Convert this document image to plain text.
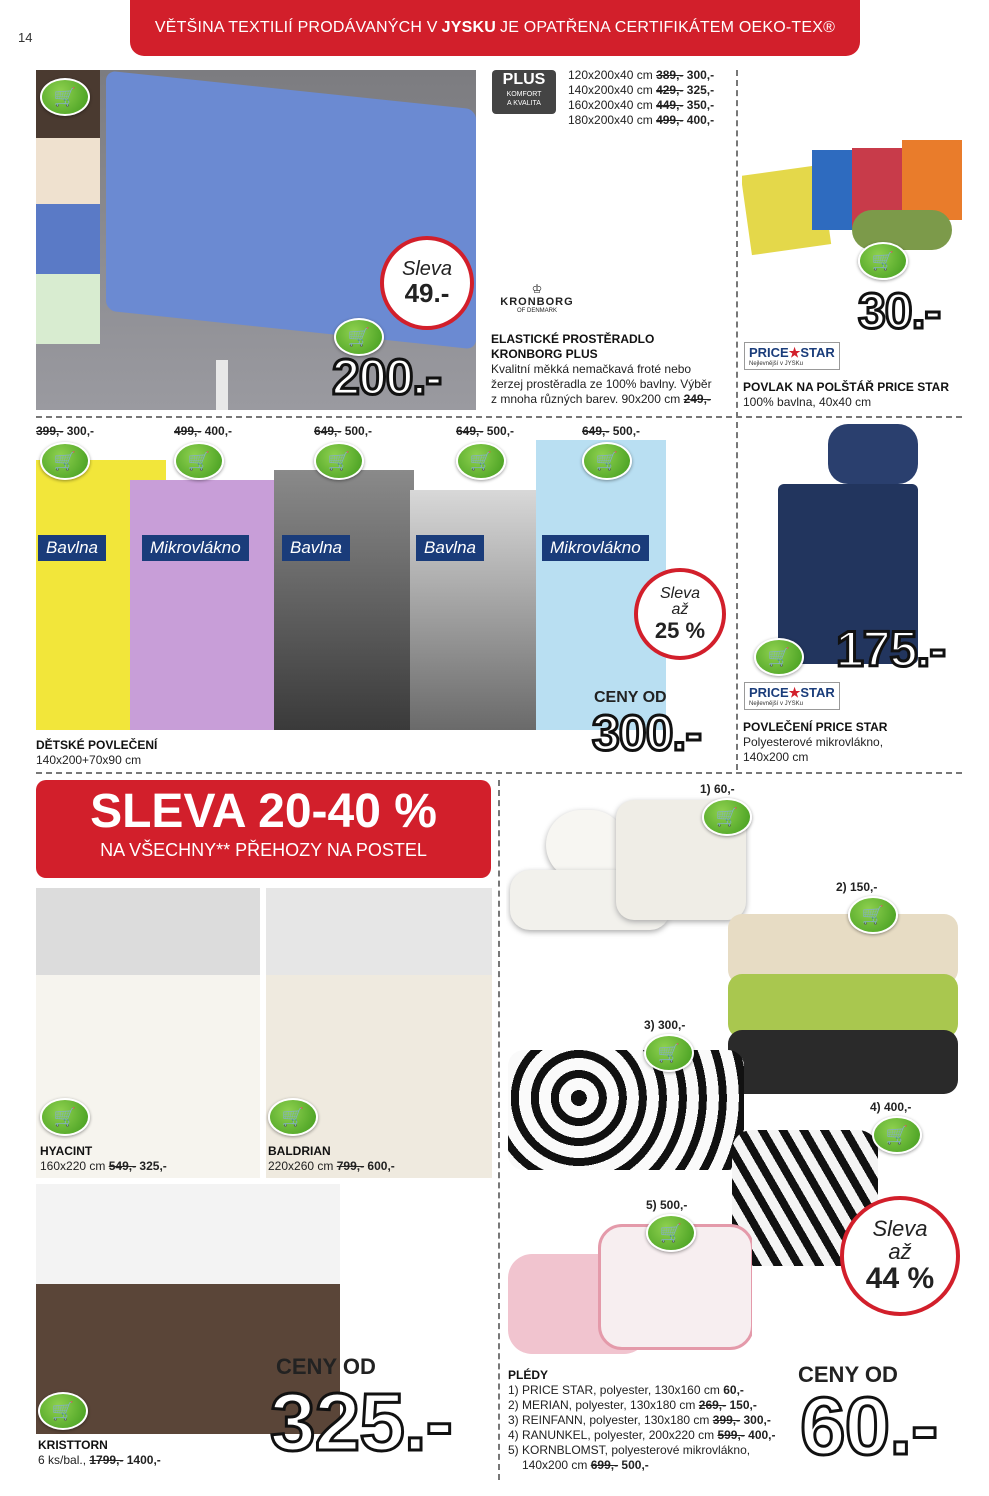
14
VĚTŠINA TEXTILIÍ PRODÁVANÝCH V JYSKU JE OPATŘENA CERTIFIKÁTEM OEKO-TEX®
🛒
Sleva
49.-
🛒
200.-
PLUS
KOMFORT
A KVALITA
120x200x40 cm 389,- 300,-
140x200x40 cm 429,- 325,-
160x200x40 cm 449,- 350,-
180x200x40 cm 499,- 400,-
♔
KRONBORG
OF DENMARK
ELASTICKÉ PROSTĚRADLO
KRONBORG PLUS
Kvalitní měkká nemačkavá froté nebo
žerzej prostěradla ze 100% bavlny. Výběr
z mnoha různých barev. 90x200 cm 249,-
🛒
30.-
PRICE★STAR
Nejlevnější v JYSKu
POVLAK NA POLŠTÁŘ PRICE STAR
100% bavlna, 40x40 cm
399,- 300,-	499,- 400,-	649,- 500,-	649,- 500,-	649,- 500,-
🛒	🛒	🛒	🛒	🛒
Bavlna	Mikrovlákno	Bavlna	Bavlna	Mikrovlákno
Sleva
až
25 %
CENY OD
300.-
DĚTSKÉ POVLEČENÍ
140x200+70x90 cm
🛒 175.-
PRICE★STAR
Nejlevnější v JYSKu
POVLEČENÍ PRICE STAR
Polyesterové mikrovlákno,
140x200 cm
SLEVA 20-40 %
NA VŠECHNY** PŘEHOZY NA POSTEL
🛒	🛒
HYACINT
160x220 cm 549,- 325,-
BALDRIAN
220x260 cm 799,- 600,-
🛒
CENY OD
325.-
KRISTTORN
6 ks/bal., 1799,- 1400,-
1) 60,-
🛒
2) 150,-
🛒
3) 300,-
🛒
4) 400,-
🛒
Sleva
až
44 %
5) 500,-
🛒
PLÉDY
1) PRICE STAR, polyester, 130x160 cm 60,-
2) MERIAN, polyester, 130x180 cm 269,- 150,-
3) REINFANN, polyester, 130x180 cm 399,- 300,-
4) RANUNKEL, polyester, 200x220 cm 599,- 400,-
5) KORNBLOMST, polyesterové mikrovlákno,
140x200 cm 699,- 500,-
CENY OD
60.-
